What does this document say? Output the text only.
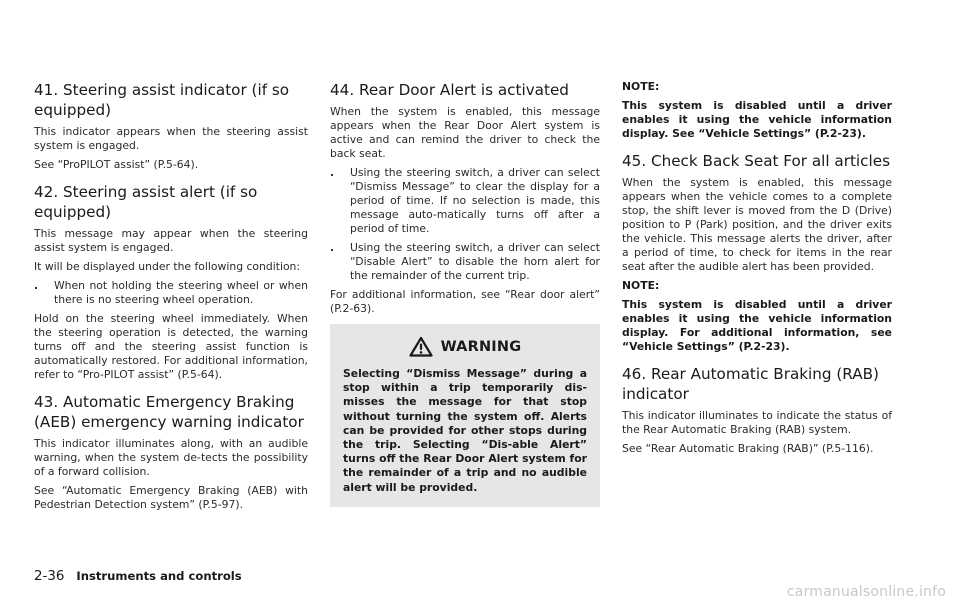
41. Steering assist indicator (if so equipped)

This indicator appears when the steering assist system is engaged.

See “ProPILOT assist” (P.5-64).

42. Steering assist alert (if so equipped)

This message may appear when the steering assist system is engaged.

It will be displayed under the following condition:

. When not holding the steering wheel or when there is no steering wheel operation.

Hold on the steering wheel immediately. When the steering operation is detected, the warning turns off and the steering assist function is automatically restored. For additional information, refer to “Pro-PILOT assist” (P.5-64).

43. Automatic Emergency Braking (AEB) emergency warning indicator

This indicator illuminates along, with an audible warning, when the system de-tects the possibility of a forward collision.

See “Automatic Emergency Braking (AEB) with Pedestrian Detection system” (P.5-97).

44. Rear Door Alert is activated

When the system is enabled, this message appears when the Rear Door Alert system is active and can remind the driver to check the back seat.

. Using the steering switch, a driver can select “Dismiss Message” to clear the display for a period of time. If no selection is made, this message auto-matically turns off after a period of time.
. Using the steering switch, a driver can select “Disable Alert” to disable the horn alert for the remainder of the current trip.

For additional information, see “Rear door alert” (P.2-63).

WARNING

Selecting “Dismiss Message” during a stop within a trip temporarily dis-misses the message for that stop without turning the system off. Alerts can be provided for other stops during the trip. Selecting “Dis-able Alert” turns off the Rear Door Alert system for the remainder of a trip and no audible alert will be provided.

NOTE:

This system is disabled until a driver enables it using the vehicle information display. See “Vehicle Settings” (P.2-23).

45. Check Back Seat For all articles

When the system is enabled, this message appears when the vehicle comes to a complete stop, the shift lever is moved from the D (Drive) position to P (Park) position, and the driver exits the vehicle. This message alerts the driver, after a period of time, to check for items in the rear seat after the audible alert has been provided.

NOTE:

This system is disabled until a driver enables it using the vehicle information display. For additional information, see “Vehicle Settings” (P.2-23).

46. Rear Automatic Braking (RAB) indicator

This indicator illuminates to indicate the status of the Rear Automatic Braking (RAB) system.

See “Rear Automatic Braking (RAB)” (P.5-116).

2-36 Instruments and controls
carmanualsonline.info
